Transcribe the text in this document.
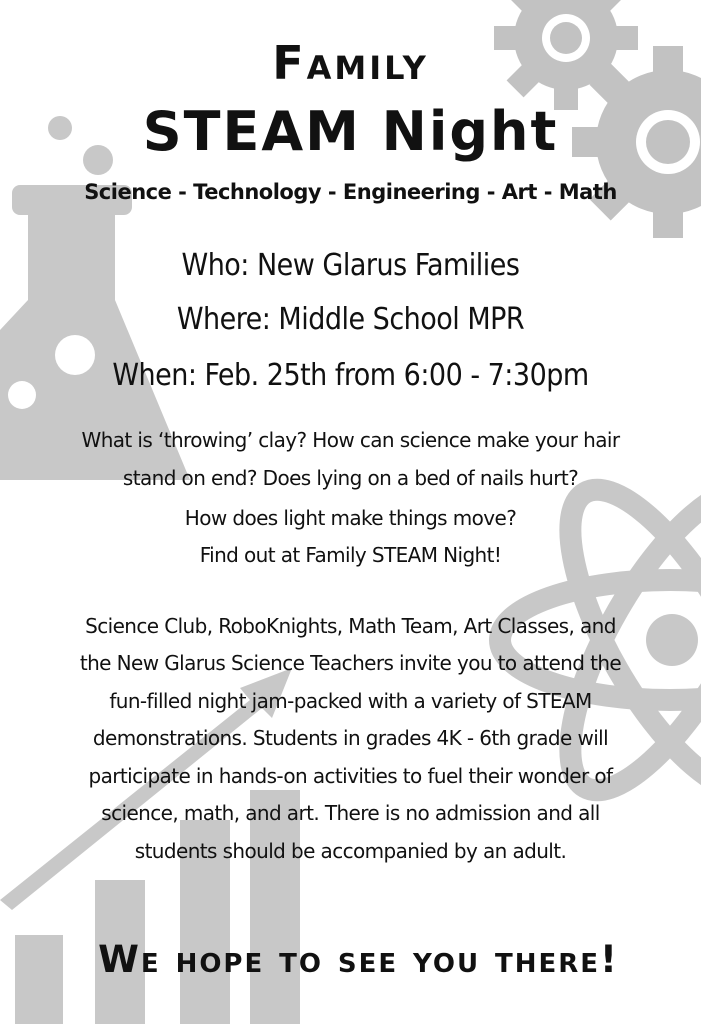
Family
STEAM Night
Science - Technology - Engineering - Art - Math
Who: New Glarus Families
Where: Middle School MPR
When: Feb. 25th from 6:00 - 7:30pm
What is ‘throwing’ clay? How can science make your hair
stand on end? Does lying on a bed of nails hurt?
How does light make things move?
Find out at Family STEAM Night!
Science Club, RoboKnights, Math Team, Art Classes, and
the New Glarus Science Teachers invite you to attend the
fun-filled night jam-packed with a variety of STEAM
demonstrations. Students in grades 4K - 6th grade will
participate in hands-on activities to fuel their wonder of
science, math, and art. There is no admission and all
students should be accompanied by an adult.
We hope to see you there!
